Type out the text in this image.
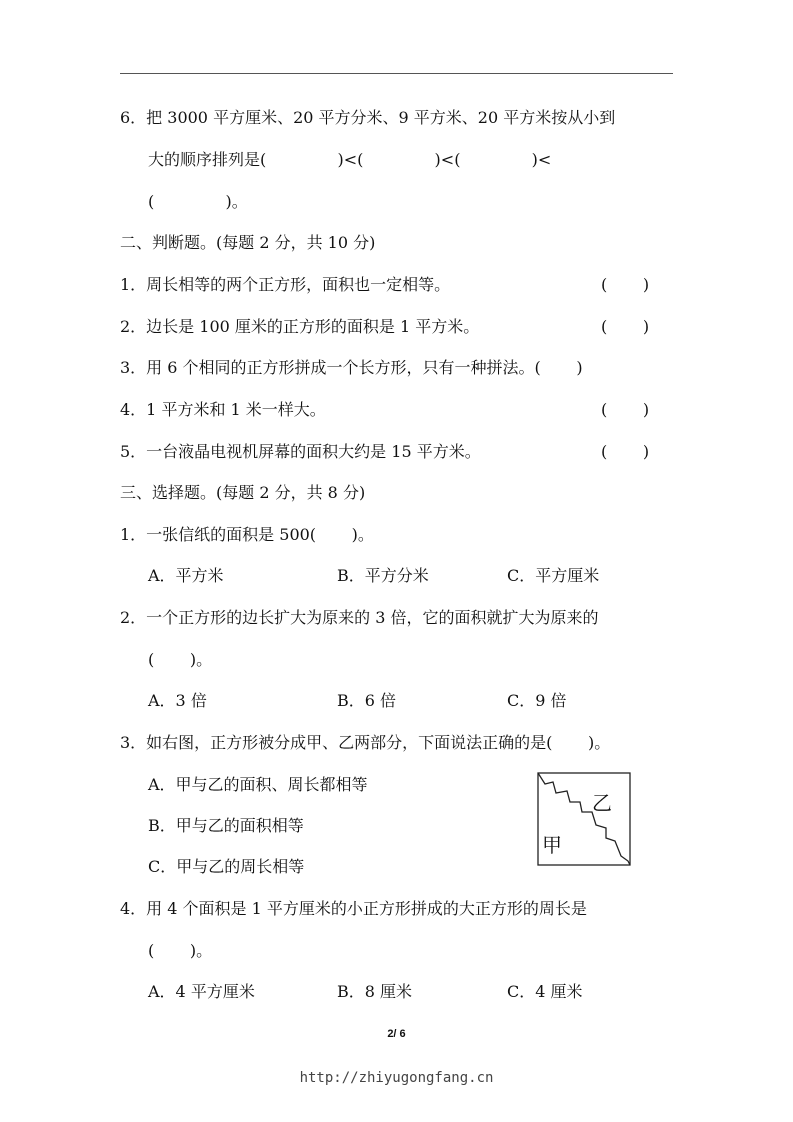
6．把 3000 平方厘米、20 平方分米、9 平方米、20 平方米按从小到
大的顺序排列是(              )<(              )<(              )<
(              )。
二、判断题。(每题 2 分，共 10 分)
1．周长相等的两个正方形，面积也一定相等。	(       )
2．边长是 100 厘米的正方形的面积是 1 平方米。	(       )
3．用 6 个相同的正方形拼成一个长方形，只有一种拼法。(       )
4．1 平方米和 1 米一样大。	(       )
5．一台液晶电视机屏幕的面积大约是 15 平方米。	(       )
三、选择题。(每题 2 分，共 8 分)
1．一张信纸的面积是 500(       )。
A．平方米	B．平方分米	C．平方厘米
2．一个正方形的边长扩大为原来的 3 倍，它的面积就扩大为原来的
(       )。
A．3 倍	B．6 倍	C．9 倍
3．如右图，正方形被分成甲、乙两部分，下面说法正确的是(       )。
A．甲与乙的面积、周长都相等
B．甲与乙的面积相等
C．甲与乙的周长相等
乙
甲
4．用 4 个面积是 1 平方厘米的小正方形拼成的大正方形的周长是
(       )。
A．4 平方厘米	B．8 厘米	C．4 厘米
2/ 6
http://zhiyugongfang.cn
